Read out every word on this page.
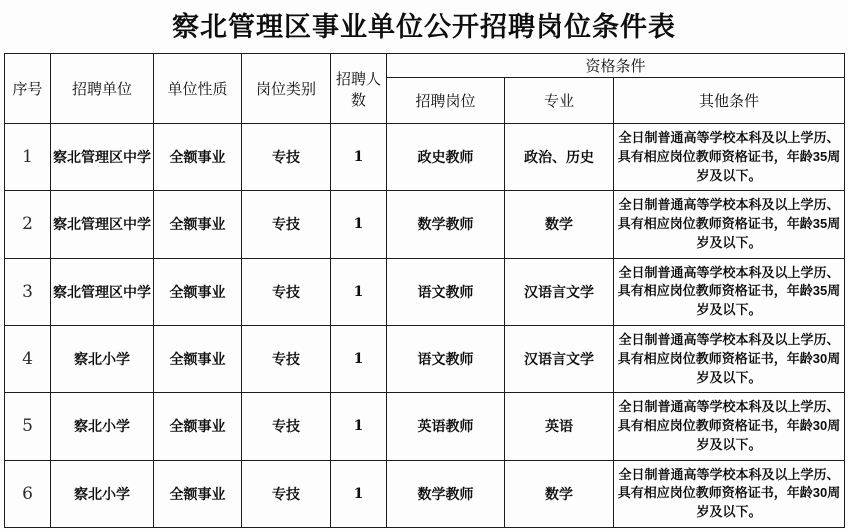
察北管理区事业单位公开招聘岗位条件表
序号	招聘单位	单位性质	岗位类别	招聘人数	资格条件		
					招聘岗位	专业	其他条件
1	察北管理区中学	全额事业	专技	1	政史教师	政治、历史	全日制普通高等学校本科及以上学历、具有相应岗位教师资格证书，年龄35周岁及以下。
2	察北管理区中学	全额事业	专技	1	数学教师	数学	全日制普通高等学校本科及以上学历、具有相应岗位教师资格证书，年龄35周岁及以下。
3	察北管理区中学	全额事业	专技	1	语文教师	汉语言文学	全日制普通高等学校本科及以上学历、具有相应岗位教师资格证书，年龄35周岁及以下。
4	察北小学	全额事业	专技	1	语文教师	汉语言文学	全日制普通高等学校本科及以上学历、具有相应岗位教师资格证书，年龄30周岁及以下。
5	察北小学	全额事业	专技	1	英语教师	英语	全日制普通高等学校本科及以上学历、具有相应岗位教师资格证书，年龄30周岁及以下。
6	察北小学	全额事业	专技	1	数学教师	数学	全日制普通高等学校本科及以上学历、具有相应岗位教师资格证书，年龄30周岁及以下。
